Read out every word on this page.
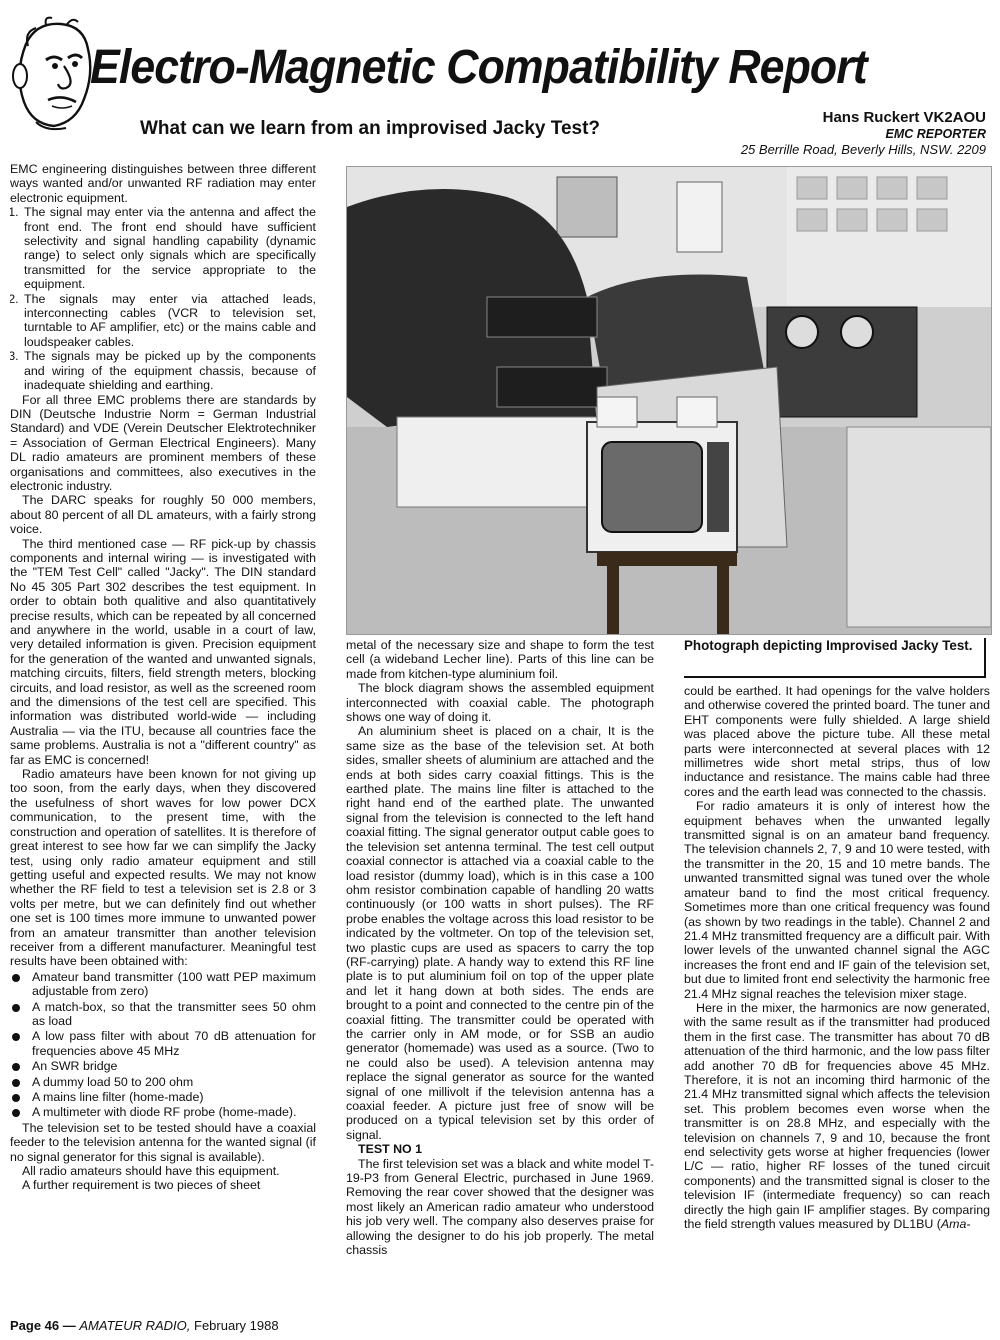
Electro-Magnetic Compatibility Report
What can we learn from an improvised Jacky Test?
Hans Ruckert VK2AOU
EMC REPORTER
25 Berrille Road, Beverly Hills, NSW. 2209

EMC engineering distinguishes between three different ways wanted and/or unwanted RF radiation may enter electronic equipment.

1. The signal may enter via the antenna and affect the front end. The front end should have sufficient selectivity and signal handling capability (dynamic range) to select only signals which are specifically transmitted for the service appropriate to the equipment.
2. The signals may enter via attached leads, interconnecting cables (VCR to television set, turntable to AF amplifier, etc) or the mains cable and loudspeaker cables.
3. The signals may be picked up by the components and wiring of the equipment chassis, because of inadequate shielding and earthing.

For all three EMC problems there are standards by DIN (Deutsche Industrie Norm = German Industrial Standard) and VDE (Verein Deutscher Elektrotechniker = Association of German Electrical Engineers). Many DL radio amateurs are prominent members of these organisations and committees, also executives in the electronic industry.

The DARC speaks for roughly 50 000 members, about 80 percent of all DL amateurs, with a fairly strong voice.

The third mentioned case — RF pick-up by chassis components and internal wiring — is investigated with the "TEM Test Cell" called "Jacky". The DIN standard No 45 305 Part 302 describes the test equipment. In order to obtain both qualitive and also quantitatively precise results, which can be repeated by all concerned and anywhere in the world, usable in a court of law, very detailed information is given. Precision equipment for the generation of the wanted and unwanted signals, matching circuits, filters, field strength meters, blocking circuits, and load resistor, as well as the screened room and the dimensions of the test cell are specified. This information was distributed world-wide — including Australia — via the ITU, because all countries face the same problems. Australia is not a "different country" as far as EMC is concerned!

Radio amateurs have been known for not giving up too soon, from the early days, when they discovered the usefulness of short waves for low power DCX communication, to the present time, with the construction and operation of satellites. It is therefore of great interest to see how far we can simplify the Jacky test, using only radio amateur equipment and still getting useful and expected results. We may not know whether the RF field to test a television set is 2.8 or 3 volts per metre, but we can definitely find out whether one set is 100 times more immune to unwanted power from an amateur transmitter than another television receiver from a different manufacturer. Meaningful test results have been obtained with:

Amateur band transmitter (100 watt PEP maximum adjustable from zero)
A match-box, so that the transmitter sees 50 ohm as load
A low pass filter with about 70 dB attenuation for frequencies above 45 MHz
An SWR bridge
A dummy load 50 to 200 ohm
A mains line filter (home-made)
A multimeter with diode RF probe (home-made).

The television set to be tested should have a coaxial feeder to the television antenna for the wanted signal (if no signal generator for this signal is available).

All radio amateurs should have this equipment.

A further requirement is two pieces of sheet

Photograph depicting Improvised Jacky Test.

metal of the necessary size and shape to form the test cell (a wideband Lecher line). Parts of this line can be made from kitchen-type aluminium foil.

The block diagram shows the assembled equipment interconnected with coaxial cable. The photograph shows one way of doing it.

An aluminium sheet is placed on a chair, It is the same size as the base of the television set. At both sides, smaller sheets of aluminium are attached and the ends at both sides carry coaxial fittings. This is the earthed plate. The mains line filter is attached to the right hand end of the earthed plate. The unwanted signal from the television is connected to the left hand coaxial fitting. The signal generator output cable goes to the television set antenna terminal. The test cell output coaxial connector is attached via a coaxial cable to the load resistor (dummy load), which is in this case a 100 ohm resistor combination capable of handling 20 watts continuously (or 100 watts in short pulses). The RF probe enables the voltage across this load resistor to be indicated by the voltmeter. On top of the television set, two plastic cups are used as spacers to carry the top (RF-carrying) plate. A handy way to extend this RF line plate is to put aluminium foil on top of the upper plate and let it hang down at both sides. The ends are brought to a point and connected to the centre pin of the coaxial fitting. The transmitter could be operated with the carrier only in AM mode, or for SSB an audio generator (homemade) was used as a source. (Two to ne could also be used). A television antenna may replace the signal generator as source for the wanted signal of one millivolt if the television antenna has a coaxial feeder. A picture just free of snow will be produced on a typical television set by this order of signal.

TEST NO 1

The first television set was a black and white model T-19-P3 from General Electric, purchased in June 1969. Removing the rear cover showed that the designer was most likely an American radio amateur who understood his job very well. The company also deserves praise for allowing the designer to do his job properly. The metal chassis

could be earthed. It had openings for the valve holders and otherwise covered the printed board. The tuner and EHT components were fully shielded. A large shield was placed above the picture tube. All these metal parts were interconnected at several places with 12 millimetres wide short metal strips, thus of low inductance and resistance. The mains cable had three cores and the earth lead was connected to the chassis.

For radio amateurs it is only of interest how the equipment behaves when the unwanted legally transmitted signal is on an amateur band frequency. The television channels 2, 7, 9 and 10 were tested, with the transmitter in the 20, 15 and 10 metre bands. The unwanted transmitted signal was tuned over the whole amateur band to find the most critical frequency. Sometimes more than one critical frequency was found (as shown by two readings in the table). Channel 2 and 21.4 MHz transmitted frequency are a difficult pair. With lower levels of the unwanted channel signal the AGC increases the front end and IF gain of the television set, but due to limited front end selectivity the harmonic free 21.4 MHz signal reaches the television mixer stage.

Here in the mixer, the harmonics are now generated, with the same result as if the transmitter had produced them in the first case. The transmitter has about 70 dB attenuation of the third harmonic, and the low pass filter add another 70 dB for frequencies above 45 MHz. Therefore, it is not an incoming third harmonic of the 21.4 MHz transmitted signal which affects the television set. This problem becomes even worse when the transmitter is on 28.8 MHz, and especially with the television on channels 7, 9 and 10, because the front end selectivity gets worse at higher frequencies (lower L/C — ratio, higher RF losses of the tuned circuit components) and the transmitted signal is closer to the television IF (intermediate frequency) so can reach directly the high gain IF amplifier stages. By comparing the field strength values measured by DL1BU (Ama-

Page 46 — AMATEUR RADIO, February 1988
